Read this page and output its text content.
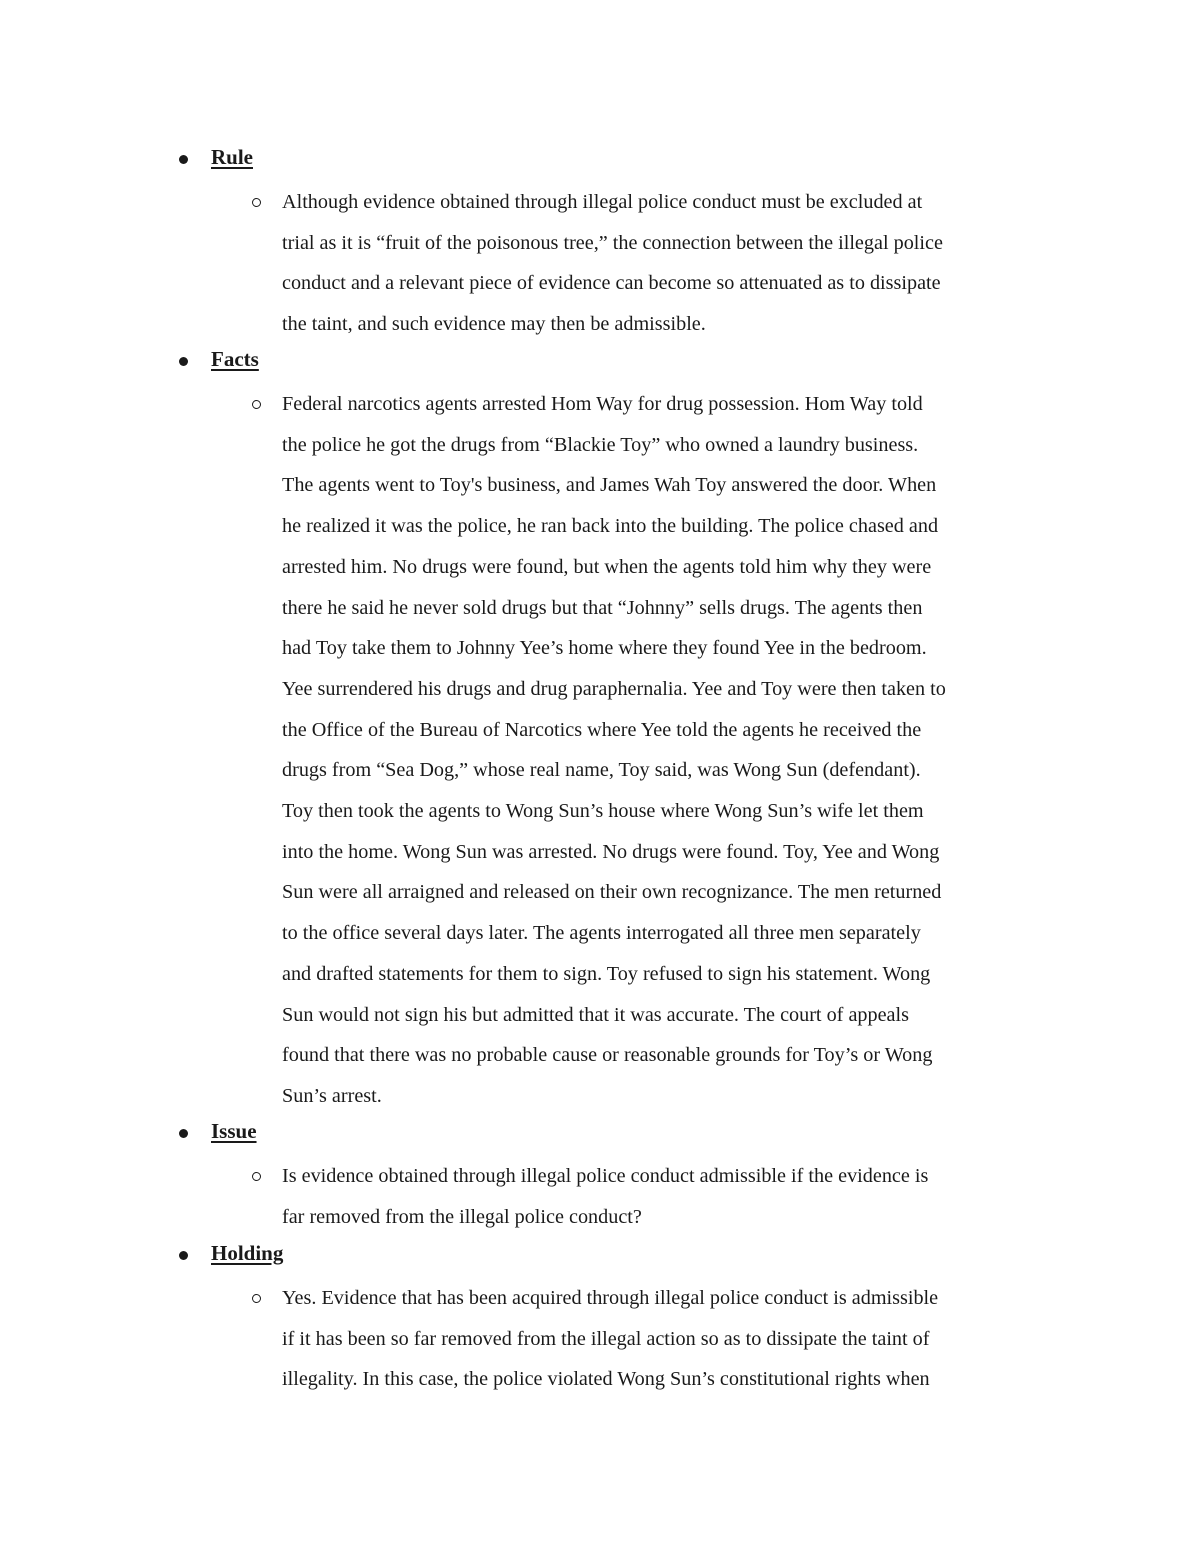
Rule

Although evidence obtained through illegal police conduct must be excluded at
trial as it is “fruit of the poisonous tree,” the connection between the illegal police
conduct and a relevant piece of evidence can become so attenuated as to dissipate
the taint, and such evidence may then be admissible.

Facts

Federal narcotics agents arrested Hom Way for drug possession. Hom Way told
the police he got the drugs from “Blackie Toy” who owned a laundry business.
The agents went to Toy's business, and James Wah Toy answered the door. When
he realized it was the police, he ran back into the building. The police chased and
arrested him. No drugs were found, but when the agents told him why they were
there he said he never sold drugs but that “Johnny” sells drugs. The agents then
had Toy take them to Johnny Yee’s home where they found Yee in the bedroom.
Yee surrendered his drugs and drug paraphernalia. Yee and Toy were then taken to
the Office of the Bureau of Narcotics where Yee told the agents he received the
drugs from “Sea Dog,” whose real name, Toy said, was Wong Sun (defendant).
Toy then took the agents to Wong Sun’s house where Wong Sun’s wife let them
into the home. Wong Sun was arrested. No drugs were found. Toy, Yee and Wong
Sun were all arraigned and released on their own recognizance. The men returned
to the office several days later. The agents interrogated all three men separately
and drafted statements for them to sign. Toy refused to sign his statement. Wong
Sun would not sign his but admitted that it was accurate. The court of appeals
found that there was no probable cause or reasonable grounds for Toy’s or Wong
Sun’s arrest.

Issue

Is evidence obtained through illegal police conduct admissible if the evidence is
far removed from the illegal police conduct?

Holding

Yes. Evidence that has been acquired through illegal police conduct is admissible
if it has been so far removed from the illegal action so as to dissipate the taint of
illegality. In this case, the police violated Wong Sun’s constitutional rights when
